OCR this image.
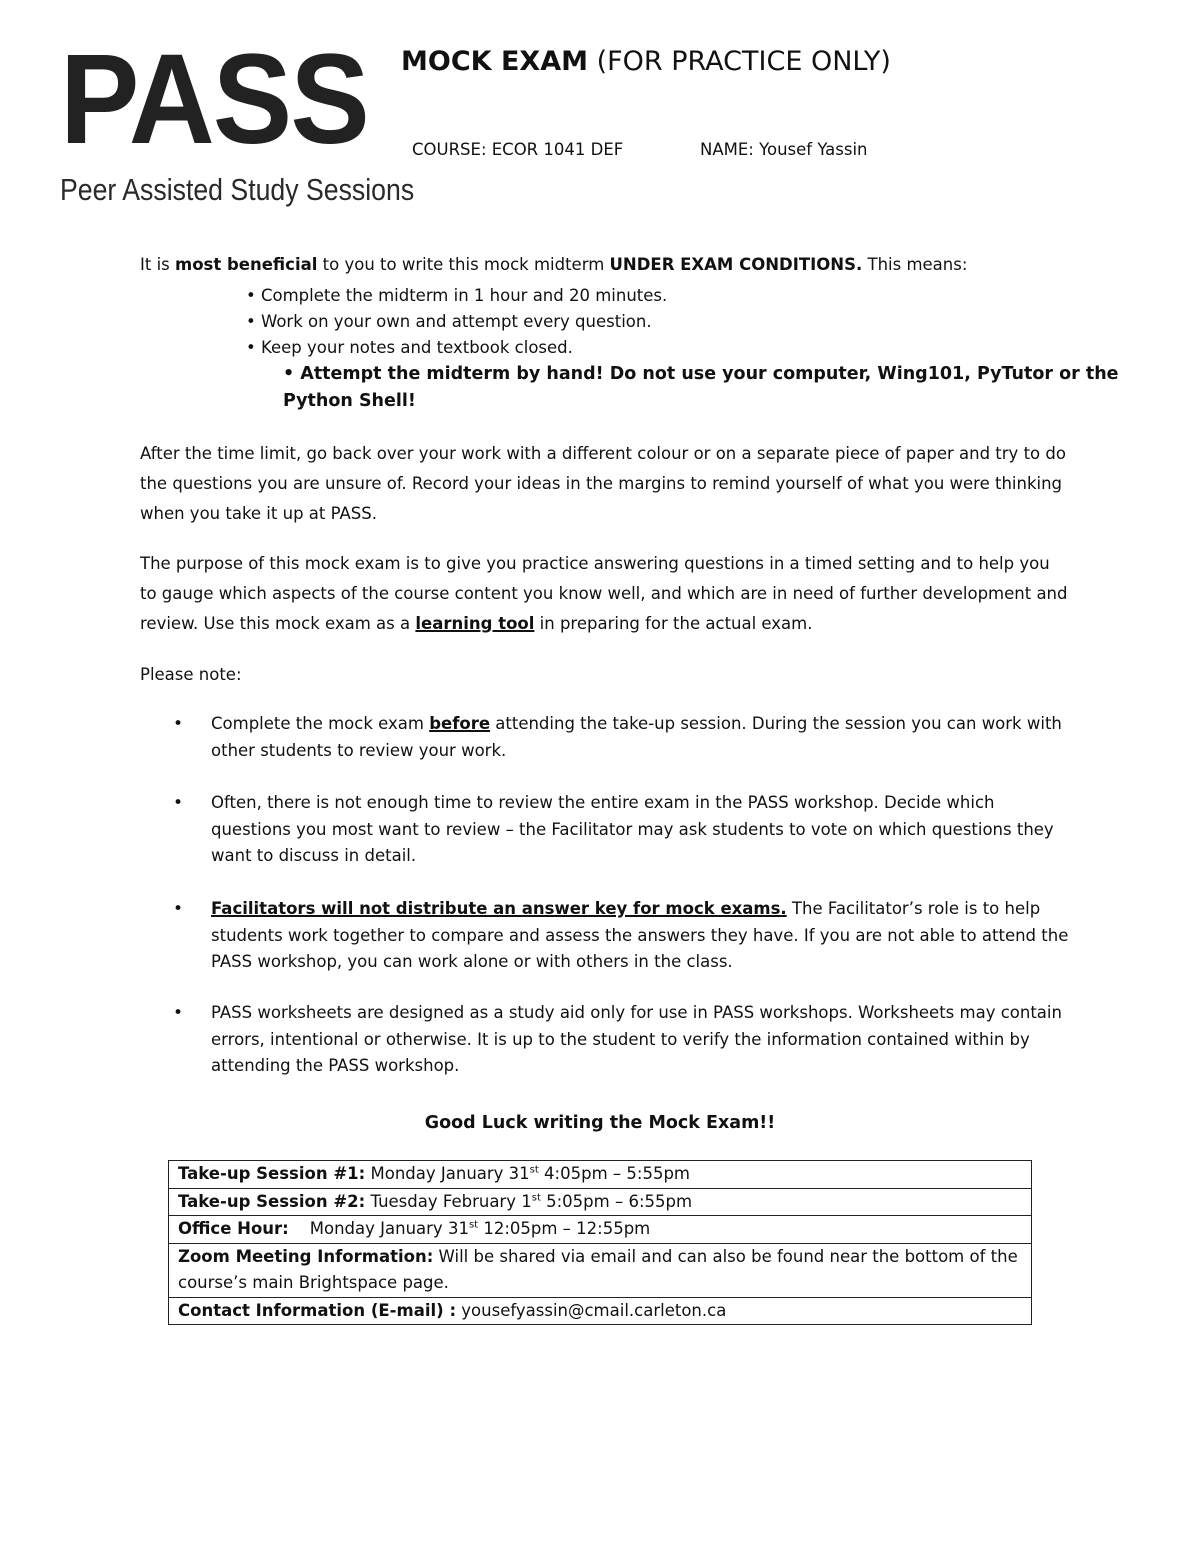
PASS
Peer Assisted Study Sessions
MOCK EXAM (FOR PRACTICE ONLY)
COURSE: ECOR 1041 DEF	NAME: Yousef Yassin
It is most beneficial to you to write this mock midterm UNDER EXAM CONDITIONS. This means:
• Complete the midterm in 1 hour and 20 minutes.
• Work on your own and attempt every question.
• Keep your notes and textbook closed.
• Attempt the midterm by hand! Do not use your computer, Wing101, PyTutor or the
Python Shell!
After the time limit, go back over your work with a different colour or on a separate piece of paper and try to do the questions you are unsure of. Record your ideas in the margins to remind yourself of what you were thinking when you take it up at PASS.
The purpose of this mock exam is to give you practice answering questions in a timed setting and to help you to gauge which aspects of the course content you know well, and which are in need of further development and review. Use this mock exam as a learning tool in preparing for the actual exam.
Please note:
• Complete the mock exam before attending the take-up session. During the session you can work with other students to review your work.
• Often, there is not enough time to review the entire exam in the PASS workshop. Decide which questions you most want to review – the Facilitator may ask students to vote on which questions they want to discuss in detail.
• Facilitators will not distribute an answer key for mock exams. The Facilitator’s role is to help students work together to compare and assess the answers they have. If you are not able to attend the PASS workshop, you can work alone or with others in the class.
• PASS worksheets are designed as a study aid only for use in PASS workshops. Worksheets may contain errors, intentional or otherwise. It is up to the student to verify the information contained within by attending the PASS workshop.
Good Luck writing the Mock Exam!!
Take-up Session #1: Monday January 31st 4:05pm – 5:55pm
Take-up Session #2: Tuesday February 1st 5:05pm – 6:55pm
Office Hour:    Monday January 31st 12:05pm – 12:55pm
Zoom Meeting Information: Will be shared via email and can also be found near the bottom of the course’s main Brightspace page.
Contact Information (E-mail) : yousefyassin@cmail.carleton.ca
